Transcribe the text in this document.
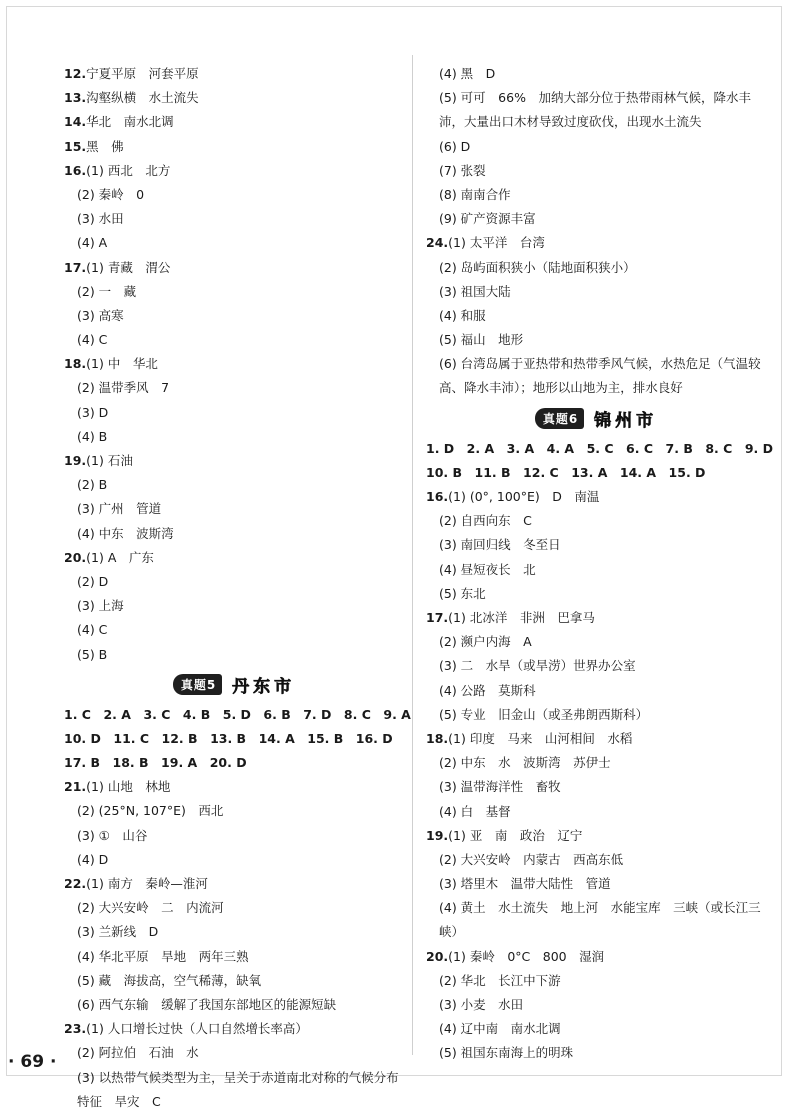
12.宁夏平原　河套平原
13.沟壑纵横　水土流失
14.华北　南水北调
15.黑　佛
16.(1) 西北　北方
(2) 秦岭　0
(3) 水田
(4) A
17.(1) 青藏　渭公
(2) 一　藏
(3) 高寒
(4) C
18.(1) 中　华北
(2) 温带季风　7
(3) D
(4) B
19.(1) 石油
(2) B
(3) 广州　管道
(4) 中东　波斯湾
20.(1) A　广东
(2) D
(3) 上海
(4) C
(5) B
真题5 丹东市
1. C　2. A　3. C　4. B　5. D　6. B　7. D　8. C　9. A
10. D　11. C　12. B　13. B　14. A　15. B　16. D
17. B　18. B　19. A　20. D
21.(1) 山地　林地
(2) (25°N, 107°E)　西北
(3) ①　山谷
(4) D
22.(1) 南方　秦岭—淮河
(2) 大兴安岭　二　内流河
(3) 兰新线　D
(4) 华北平原　旱地　两年三熟
(5) 藏　海拔高，空气稀薄，缺氧
(6) 西气东输　缓解了我国东部地区的能源短缺
23.(1) 人口增长过快（人口自然增长率高）
(2) 阿拉伯　石油　水
(3) 以热带气候类型为主，呈关于赤道南北对称的气候分布特征　旱灾　C
(4) 黑　D
(5) 可可　66%　加纳大部分位于热带雨林气候，降水丰沛，大量出口木材导致过度砍伐，出现水土流失
(6) D
(7) 张裂
(8) 南南合作
(9) 矿产资源丰富
24.(1) 太平洋　台湾
(2) 岛屿面积狭小（陆地面积狭小）
(3) 祖国大陆
(4) 和服
(5) 福山　地形
(6) 台湾岛属于亚热带和热带季风气候，水热危足（气温较高、降水丰沛）；地形以山地为主，排水良好
真题6 锦州市
1. D　2. A　3. A　4. A　5. C　6. C　7. B　8. C　9. D
10. B　11. B　12. C　13. A　14. A　15. D
16.(1) (0°, 100°E)　D　南温
(2) 自西向东　C
(3) 南回归线　冬至日
(4) 昼短夜长　北
(5) 东北
17.(1) 北冰洋　非洲　巴拿马
(2) 濒户内海　A
(3) 二　水旱（或旱涝）世界办公室
(4) 公路　莫斯科
(5) 专业　旧金山（或圣弗朗西斯科）
18.(1) 印度　马来　山河相间　水稻
(2) 中东　水　波斯湾　苏伊士
(3) 温带海洋性　畜牧
(4) 白　基督
19.(1) 亚　南　政治　辽宁
(2) 大兴安岭　内蒙古　西高东低
(3) 塔里木　温带大陆性　管道
(4) 黄土　水土流失　地上河　水能宝库　三峡（或长江三峡）
20.(1) 秦岭　0°C　800　湿润
(2) 华北　长江中下游
(3) 小麦　水田
(4) 辽中南　南水北调
(5) 祖国东南海上的明珠
· 69 ·
